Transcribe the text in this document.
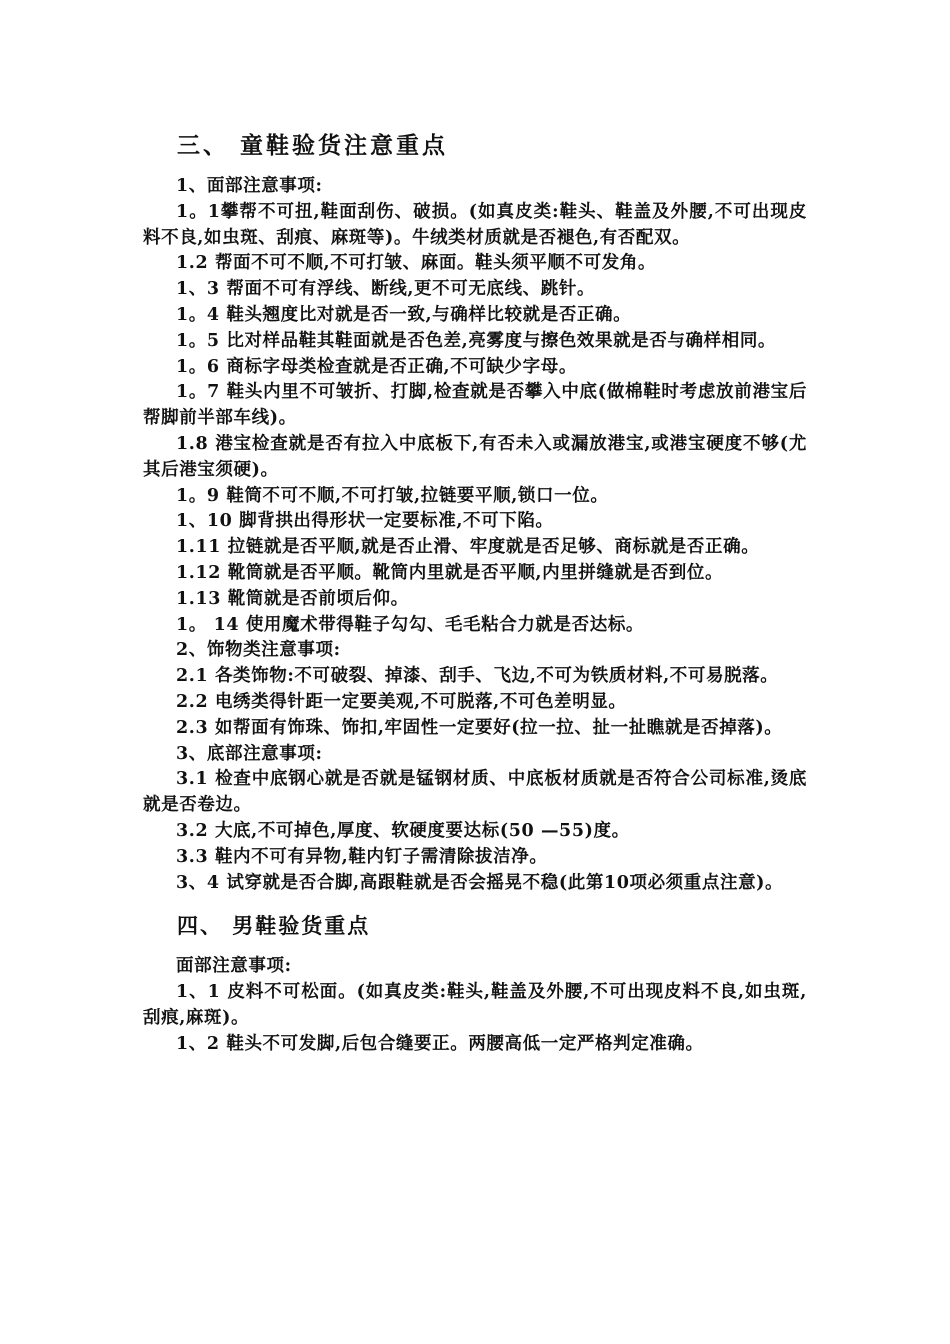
三、 童鞋验货注意重点

1、面部注意事项:

1。1攀帮不可扭,鞋面刮伤、破损。(如真皮类:鞋头、鞋盖及外腰,不可出现皮料不良,如虫斑、刮痕、麻斑等)。牛绒类材质就是否褪色,有否配双。

1.2 帮面不可不顺,不可打皱、麻面。鞋头须平顺不可发角。

1、3 帮面不可有浮线、断线,更不可无底线、跳针。

1。4 鞋头翘度比对就是否一致,与确样比较就是否正确。

1。5 比对样品鞋其鞋面就是否色差,亮雾度与擦色效果就是否与确样相同。

1。6 商标字母类检查就是否正确,不可缺少字母。

1。7 鞋头内里不可皱折、打脚,检查就是否攀入中底(做棉鞋时考虑放前港宝后帮脚前半部车线)。

1.8 港宝检查就是否有拉入中底板下,有否未入或漏放港宝,或港宝硬度不够(尤其后港宝须硬)。

1。9 鞋筒不可不顺,不可打皱,拉链要平顺,锁口一位。

1、10 脚背拱出得形状一定要标准,不可下陷。

1.11 拉链就是否平顺,就是否止滑、牢度就是否足够、商标就是否正确。

1.12 靴筒就是否平顺。靴筒内里就是否平顺,内里拼缝就是否到位。

1.13 靴筒就是否前顷后仰。

1。 14 使用魔术带得鞋子勾勾、毛毛粘合力就是否达标。

2、饰物类注意事项:

2.1 各类饰物:不可破裂、掉漆、刮手、飞边,不可为铁质材料,不可易脱落。

2.2 电绣类得针距一定要美观,不可脱落,不可色差明显。

2.3 如帮面有饰珠、饰扣,牢固性一定要好(拉一拉、扯一扯瞧就是否掉落)。

3、底部注意事项:

3.1 检查中底钢心就是否就是锰钢材质、中底板材质就是否符合公司标准,烫底就是否卷边。

3.2 大底,不可掉色,厚度、软硬度要达标(50 —55)度。

3.3 鞋内不可有异物,鞋内钉子需清除拔洁净。

3、4 试穿就是否合脚,高跟鞋就是否会摇晃不稳(此第10项必须重点注意)。

四、 男鞋验货重点

面部注意事项:

1、1 皮料不可松面。(如真皮类:鞋头,鞋盖及外腰,不可出现皮料不良,如虫斑,刮痕,麻斑)。

1、2 鞋头不可发脚,后包合缝要正。两腰高低一定严格判定准确。
